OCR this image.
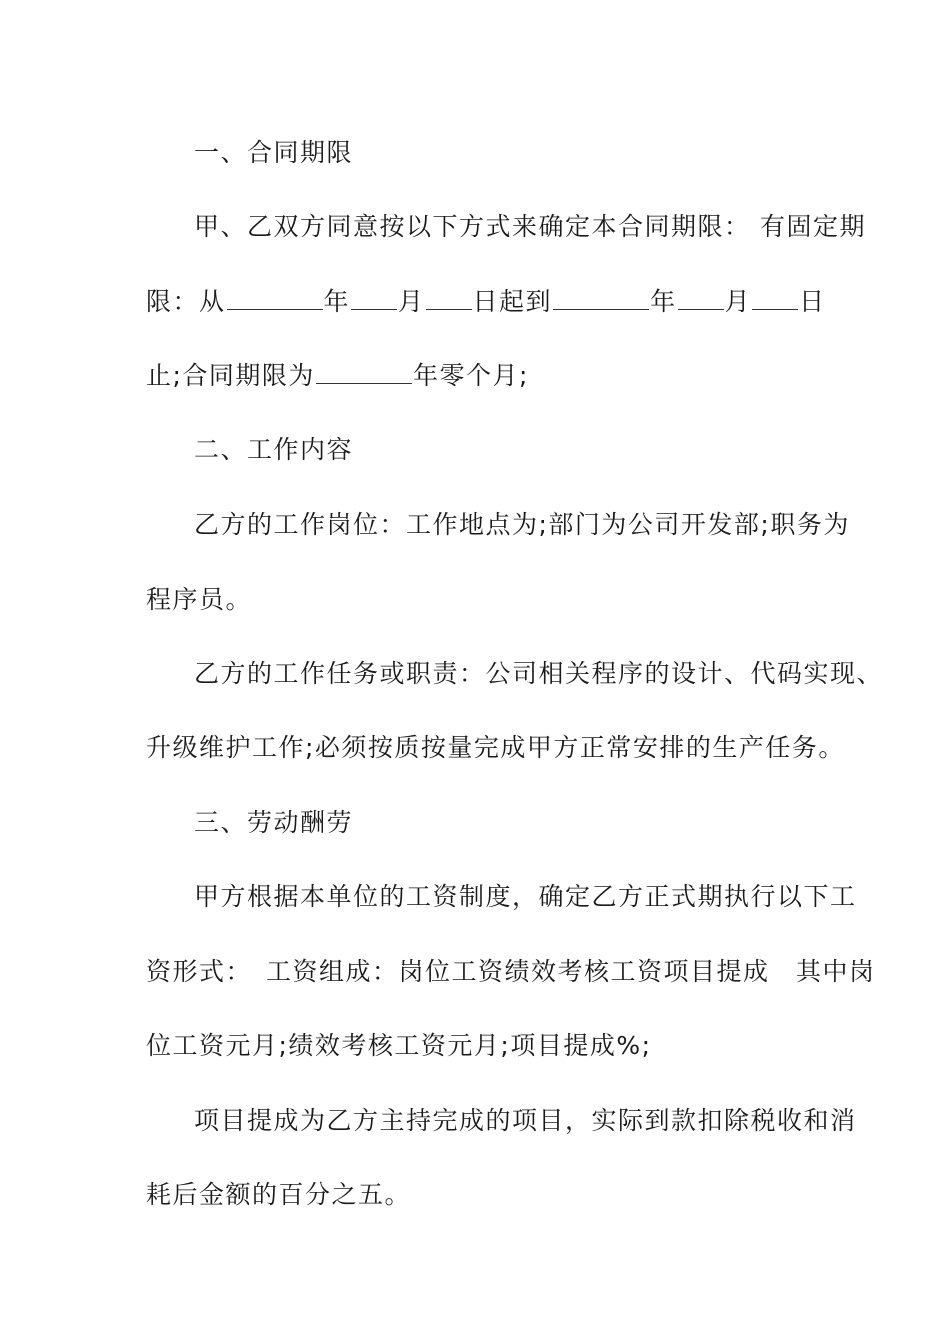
一、合同期限
甲、乙双方同意按以下方式来确定本合同期限： 有固定期
限：从	年 月 日起到	年 月 日
止;合同期限为	年零个月;
二、工作内容
乙方的工作岗位：工作地点为;部门为公司开发部;职务为
程序员。
乙方的工作任务或职责：公司相关程序的设计、代码实现、
升级维护工作;必须按质按量完成甲方正常安排的生产任务。
三、劳动酬劳
甲方根据本单位的工资制度，确定乙方正式期执行以下工
资形式：　工资组成：岗位工资绩效考核工资项目提成　其中岗
位工资元月;绩效考核工资元月;项目提成%;
项目提成为乙方主持完成的项目，实际到款扣除税收和消
耗后金额的百分之五。
